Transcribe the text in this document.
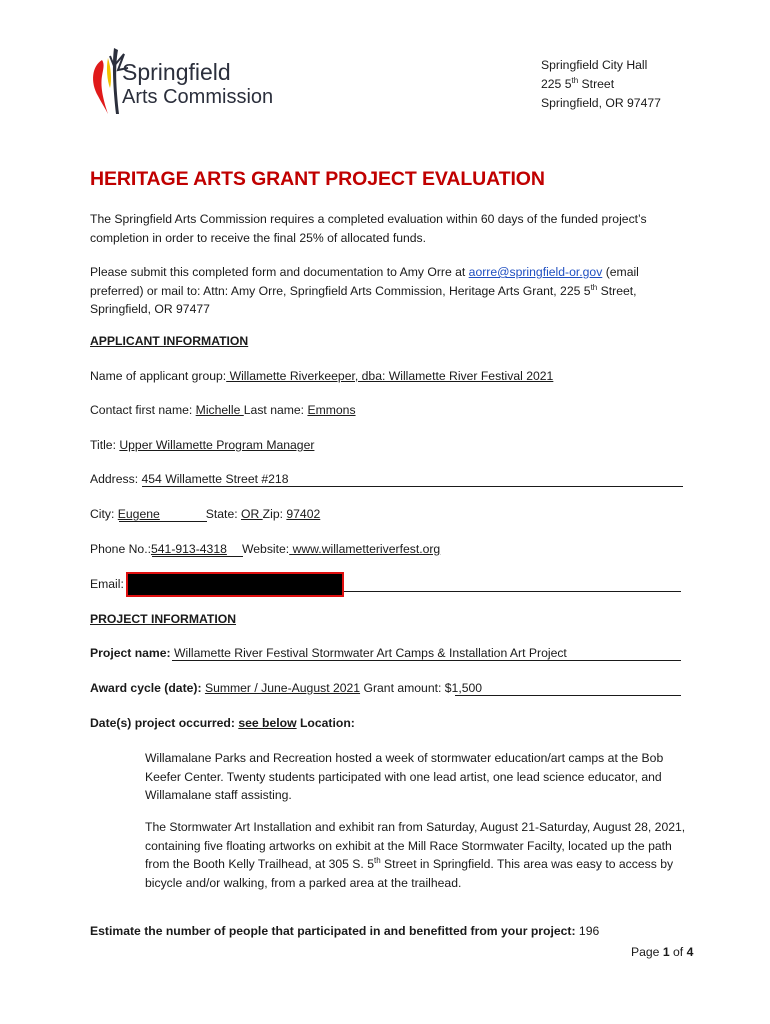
Springfield
Arts Commission
Springfield City Hall
225 5th Street
Springfield, OR 97477
HERITAGE ARTS GRANT PROJECT EVALUATION
The Springfield Arts Commission requires a completed evaluation within 60 days of the funded project’s completion in order to receive the final 25% of allocated funds.
Please submit this completed form and documentation to Amy Orre at aorre@springfield-or.gov (email preferred) or mail to: Attn: Amy Orre, Springfield Arts Commission, Heritage Arts Grant, 225 5th Street, Springfield, OR 97477
APPLICANT INFORMATION
Name of applicant group: Willamette Riverkeeper, dba: Willamette River Festival 2021
Contact first name: Michelle Last name: Emmons
Title: Upper Willamette Program Manager
Address: 454 Willamette Street #218
City: Eugene	State: OR Zip: 97402
Phone No.:541-913-4318 Website: www.willametteriverfest.org
Email:
PROJECT INFORMATION
Project name: Willamette River Festival Stormwater Art Camps & Installation Art Project
Award cycle (date): Summer / June-August 2021 Grant amount: $1,500
Date(s) project occurred: see below Location:
Willamalane Parks and Recreation hosted a week of stormwater education/art camps at the Bob Keefer Center. Twenty students participated with one lead artist, one lead science educator, and Willamalane staff assisting.
The Stormwater Art Installation and exhibit ran from Saturday, August 21-Saturday, August 28, 2021, containing five floating artworks on exhibit at the Mill Race Stormwater Facilty, located up the path from the Booth Kelly Trailhead, at 305 S. 5th Street in Springfield. This area was easy to access by bicycle and/or walking, from a parked area at the trailhead.
Estimate the number of people that participated in and benefitted from your project: 196
Page 1 of 4
